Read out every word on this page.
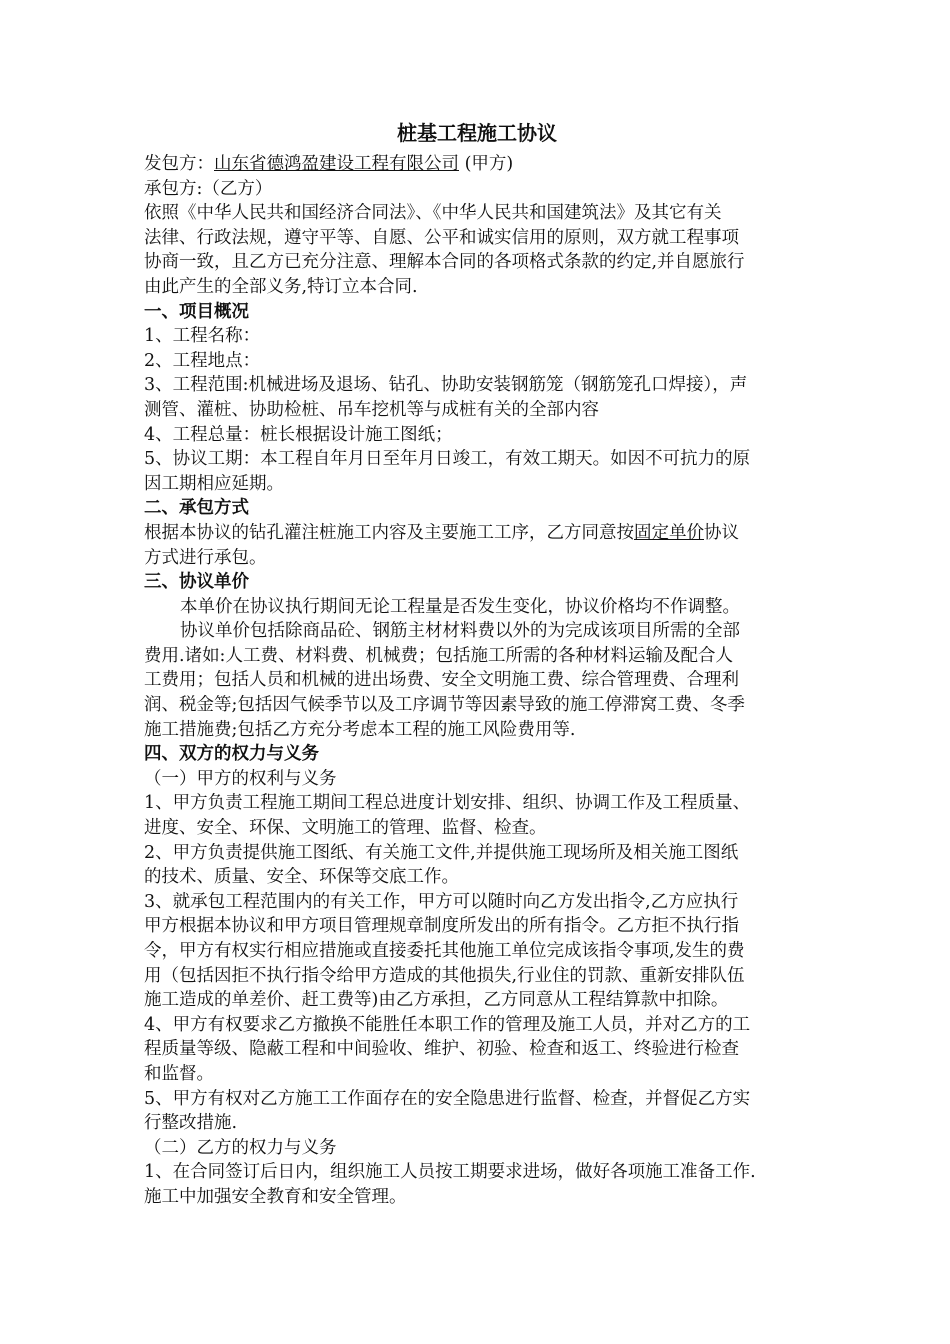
桩基工程施工协议
发包方：山东省德鸿盈建设工程有限公司 (甲方)
承包方:（乙方）
依照《中华人民共和国经济合同法》、《中华人民共和国建筑法》及其它有关
法律、行政法规，遵守平等、自愿、公平和诚实信用的原则，双方就工程事项
协商一致，且乙方已充分注意、理解本合同的各项格式条款的约定,并自愿旅行
由此产生的全部义务,特订立本合同.
一、项目概况
1、工程名称：
2、工程地点：
3、工程范围:机械进场及退场、钻孔、协助安装钢筋笼（钢筋笼孔口焊接），声
测管、灌桩、协助检桩、吊车挖机等与成桩有关的全部内容
4、工程总量：桩长根据设计施工图纸；
5、协议工期：本工程自年月日至年月日竣工，有效工期天。如因不可抗力的原
因工期相应延期。
二、承包方式
根据本协议的钻孔灌注桩施工内容及主要施工工序，乙方同意按固定单价协议
方式进行承包。
三、协议单价
本单价在协议执行期间无论工程量是否发生变化，协议价格均不作调整。
协议单价包括除商品砼、钢筋主材材料费以外的为完成该项目所需的全部
费用.诸如:人工费、材料费、机械费；包括施工所需的各种材料运输及配合人
工费用；包括人员和机械的进出场费、安全文明施工费、综合管理费、合理利
润、税金等;包括因气候季节以及工序调节等因素导致的施工停滞窝工费、冬季
施工措施费;包括乙方充分考虑本工程的施工风险费用等.
四、双方的权力与义务
（一）甲方的权利与义务
1、甲方负责工程施工期间工程总进度计划安排、组织、协调工作及工程质量、
进度、安全、环保、文明施工的管理、监督、检查。
2、甲方负责提供施工图纸、有关施工文件,并提供施工现场所及相关施工图纸
的技术、质量、安全、环保等交底工作。
3、就承包工程范围内的有关工作，甲方可以随时向乙方发出指令,乙方应执行
甲方根据本协议和甲方项目管理规章制度所发出的所有指令。乙方拒不执行指
令，甲方有权实行相应措施或直接委托其他施工单位完成该指令事项,发生的费
用（包括因拒不执行指令给甲方造成的其他损失,行业住的罚款、重新安排队伍
施工造成的单差价、赶工费等)由乙方承担，乙方同意从工程结算款中扣除。
4、甲方有权要求乙方撤换不能胜任本职工作的管理及施工人员，并对乙方的工
程质量等级、隐蔽工程和中间验收、维护、初验、检查和返工、终验进行检查
和监督。
5、甲方有权对乙方施工工作面存在的安全隐患进行监督、检查，并督促乙方实
行整改措施.
（二）乙方的权力与义务
1、在合同签订后日内，组织施工人员按工期要求进场，做好各项施工准备工作.
施工中加强安全教育和安全管理。
